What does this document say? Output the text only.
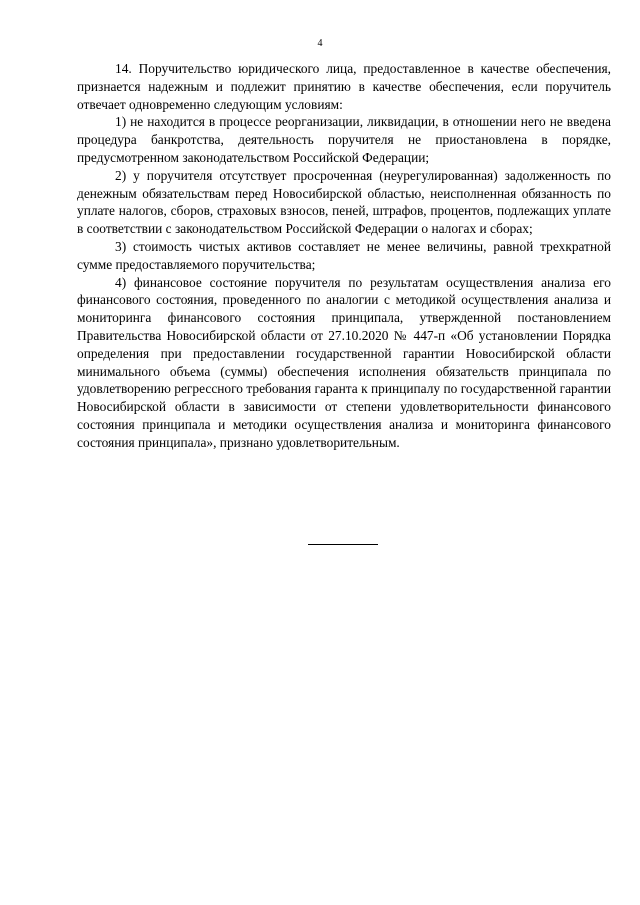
4

14. Поручительство юридического лица, предоставленное в качестве обеспечения, признается надежным и подлежит принятию в качестве обеспечения, если поручитель отвечает одновременно следующим условиям:

1) не находится в процессе реорганизации, ликвидации, в отношении него не введена процедура банкротства, деятельность поручителя не приостановлена в порядке, предусмотренном законодательством Российской Федерации;

2) у поручителя отсутствует просроченная (неурегулированная) задолженность по денежным обязательствам перед Новосибирской областью, неисполненная обязанность по уплате налогов, сборов, страховых взносов, пеней, штрафов, процентов, подлежащих уплате в соответствии с законодательством Российской Федерации о налогах и сборах;

3) стоимость чистых активов составляет не менее величины, равной трехкратной сумме предоставляемого поручительства;

4) финансовое состояние поручителя по результатам осуществления анализа его финансового состояния, проведенного по аналогии с методикой осуществления анализа и мониторинга финансового состояния принципала, утвержденной постановлением Правительства Новосибирской области от 27.10.2020 № 447-п «Об установлении Порядка определения при предоставлении государственной гарантии Новосибирской области минимального объема (суммы) обеспечения исполнения обязательств принципала по удовлетворению регрессного требования гаранта к принципалу по государственной гарантии Новосибирской области в зависимости от степени удовлетворительности финансового состояния принципала и методики осуществления анализа и мониторинга финансового состояния принципала», признано удовлетворительным.
